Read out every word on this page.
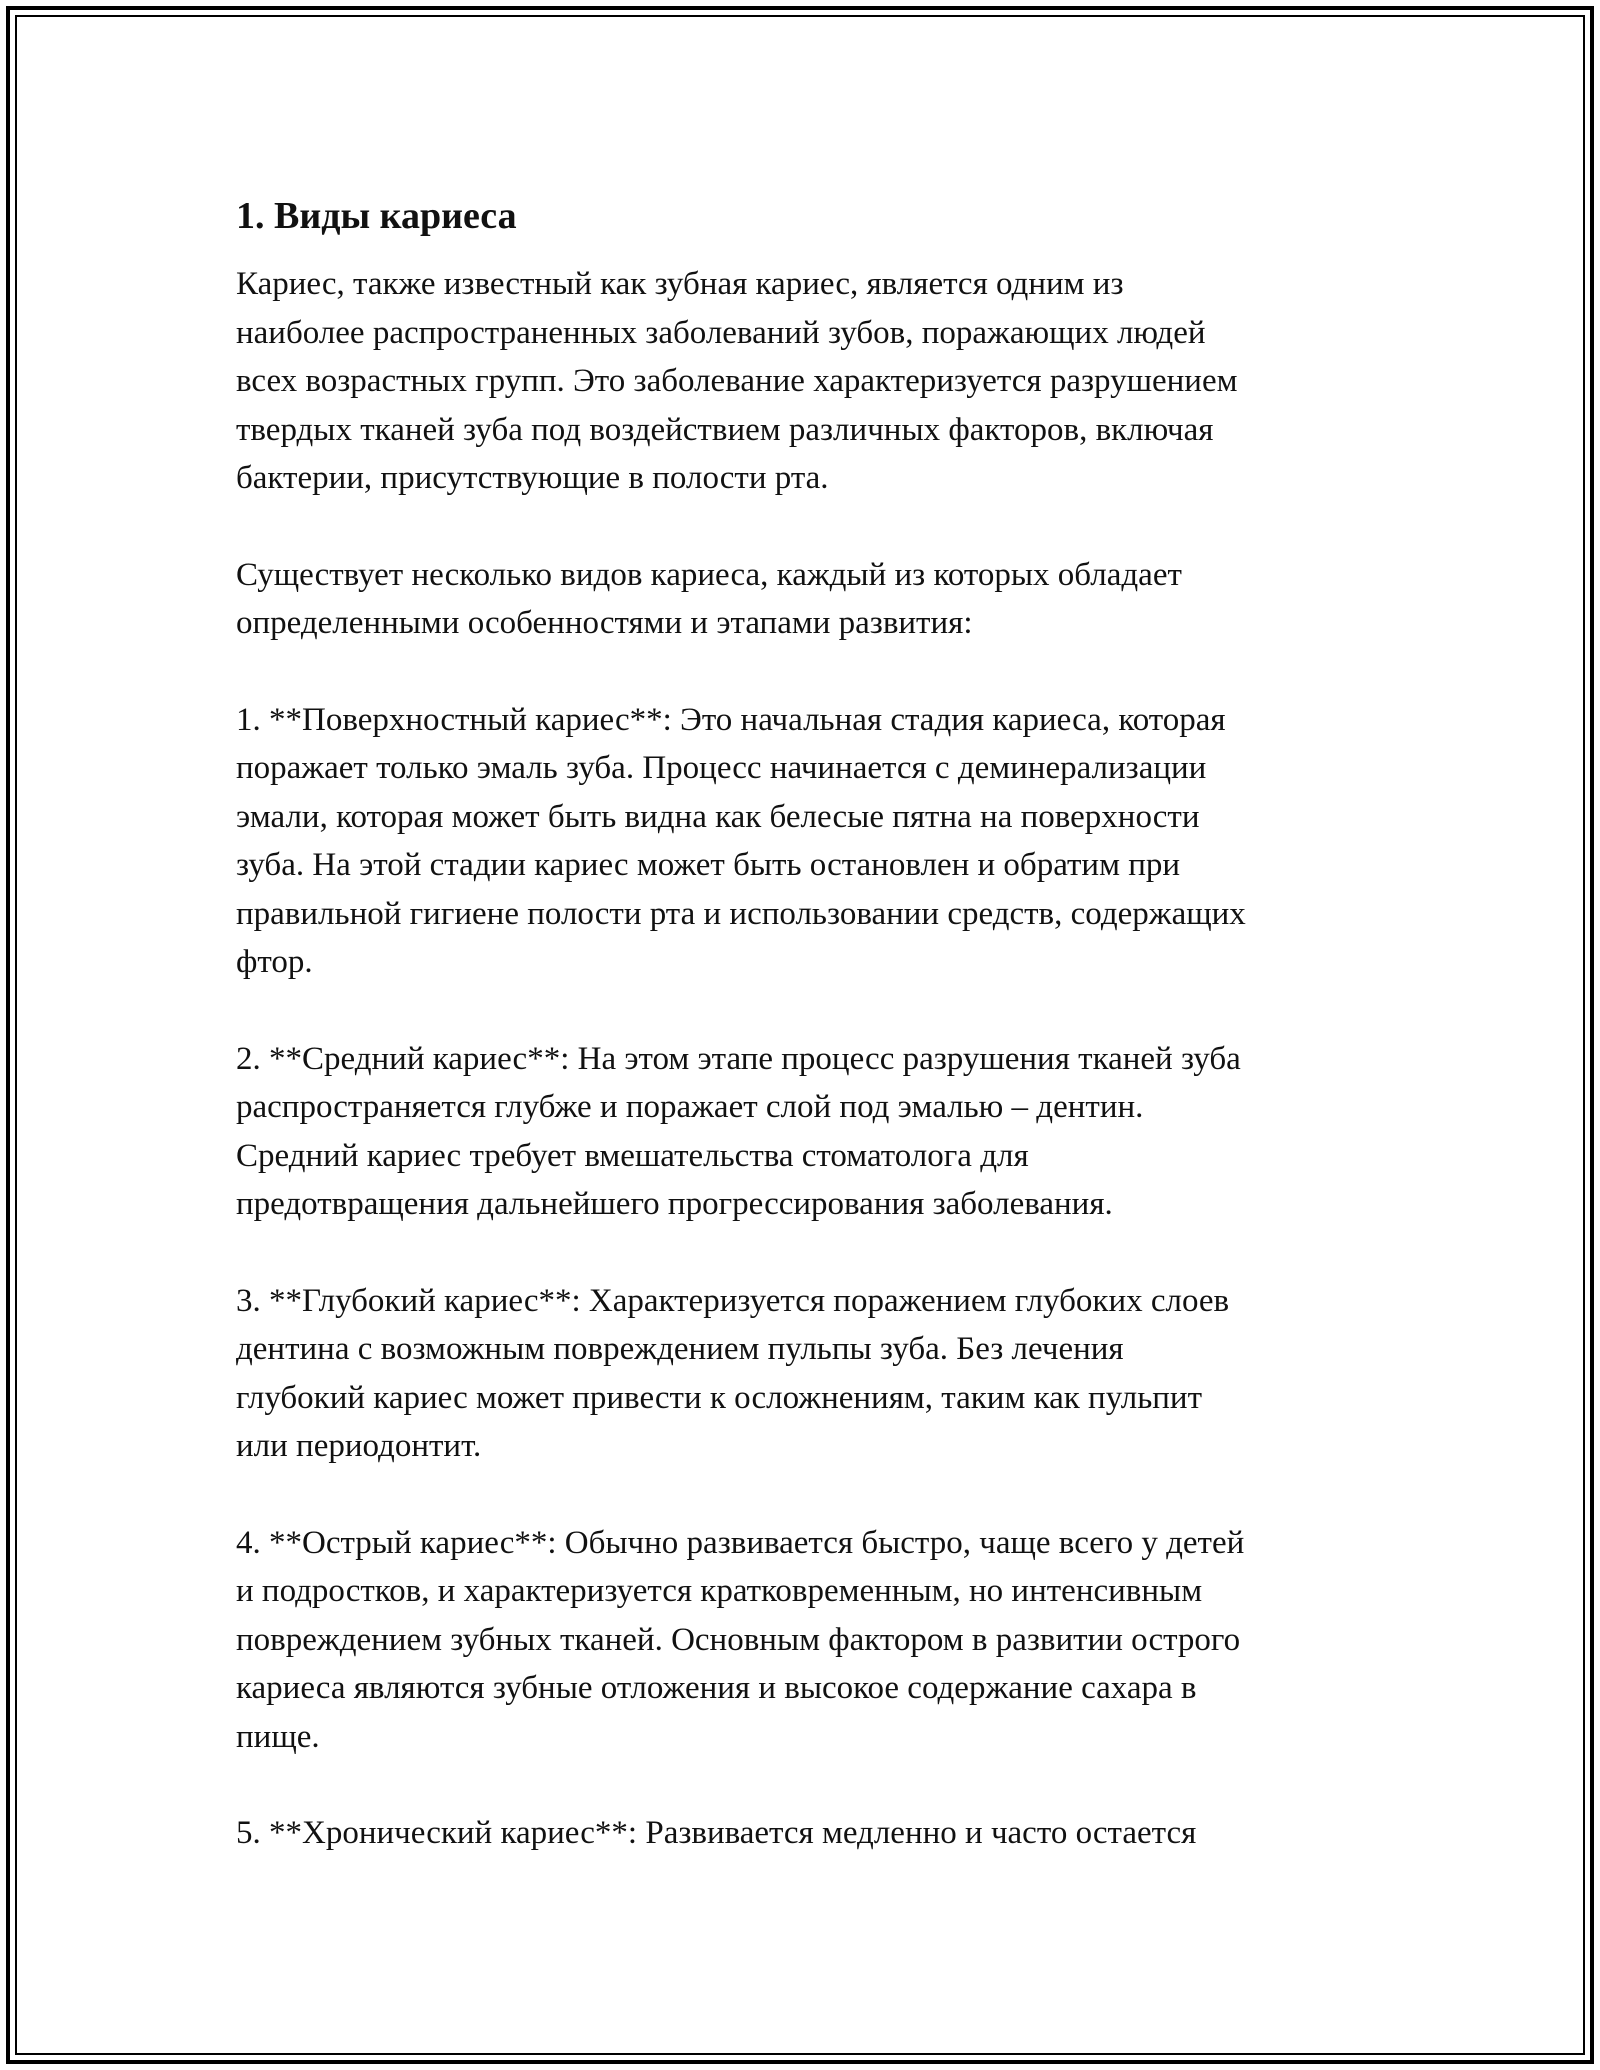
1. Виды кариеса

Кариес, также известный как зубная кариес, является одним из
наиболее распространенных заболеваний зубов, поражающих людей
всех возрастных групп. Это заболевание характеризуется разрушением
твердых тканей зуба под воздействием различных факторов, включая
бактерии, присутствующие в полости рта.

Существует несколько видов кариеса, каждый из которых обладает
определенными особенностями и этапами развития:

1. **Поверхностный кариес**: Это начальная стадия кариеса, которая
поражает только эмаль зуба. Процесс начинается с деминерализации
эмали, которая может быть видна как белесые пятна на поверхности
зуба. На этой стадии кариес может быть остановлен и обратим при
правильной гигиене полости рта и использовании средств, содержащих
фтор.

2. **Средний кариес**: На этом этапе процесс разрушения тканей зуба
распространяется глубже и поражает слой под эмалью – дентин.
Средний кариес требует вмешательства стоматолога для
предотвращения дальнейшего прогрессирования заболевания.

3. **Глубокий кариес**: Характеризуется поражением глубоких слоев
дентина с возможным повреждением пульпы зуба. Без лечения
глубокий кариес может привести к осложнениям, таким как пульпит
или периодонтит.

4. **Острый кариес**: Обычно развивается быстро, чаще всего у детей
и подростков, и характеризуется кратковременным, но интенсивным
повреждением зубных тканей. Основным фактором в развитии острого
кариеса являются зубные отложения и высокое содержание сахара в
пище.

5. **Хронический кариес**: Развивается медленно и часто остается
